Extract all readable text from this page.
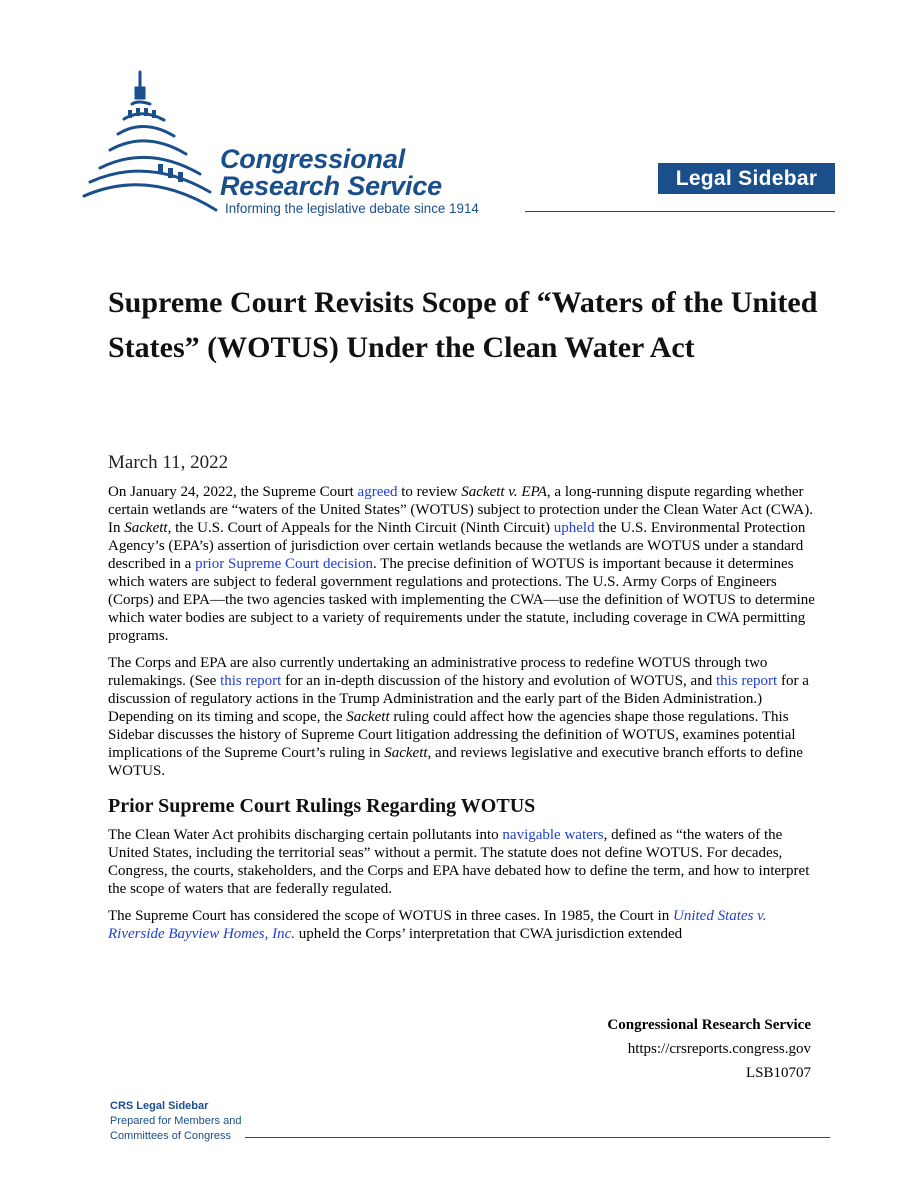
Congressional
Research Service
Informing the legislative debate since 1914
Legal Sidebar
Supreme Court Revisits Scope of “Waters of the United States” (WOTUS) Under the Clean Water Act

March 11, 2022

On January 24, 2022, the Supreme Court agreed to review Sackett v. EPA, a long-running dispute regarding whether certain wetlands are “waters of the United States” (WOTUS) subject to protection under the Clean Water Act (CWA). In Sackett, the U.S. Court of Appeals for the Ninth Circuit (Ninth Circuit) upheld the U.S. Environmental Protection Agency’s (EPA’s) assertion of jurisdiction over certain wetlands because the wetlands are WOTUS under a standard described in a prior Supreme Court decision. The precise definition of WOTUS is important because it determines which waters are subject to federal government regulations and protections. The U.S. Army Corps of Engineers (Corps) and EPA—the two agencies tasked with implementing the CWA—use the definition of WOTUS to determine which water bodies are subject to a variety of requirements under the statute, including coverage in CWA permitting programs.

The Corps and EPA are also currently undertaking an administrative process to redefine WOTUS through two rulemakings. (See this report for an in-depth discussion of the history and evolution of WOTUS, and this report for a discussion of regulatory actions in the Trump Administration and the early part of the Biden Administration.) Depending on its timing and scope, the Sackett ruling could affect how the agencies shape those regulations. This Sidebar discusses the history of Supreme Court litigation addressing the definition of WOTUS, examines potential implications of the Supreme Court’s ruling in Sackett, and reviews legislative and executive branch efforts to define WOTUS.

Prior Supreme Court Rulings Regarding WOTUS

The Clean Water Act prohibits discharging certain pollutants into navigable waters, defined as “the waters of the United States, including the territorial seas” without a permit. The statute does not define WOTUS. For decades, Congress, the courts, stakeholders, and the Corps and EPA have debated how to define the term, and how to interpret the scope of waters that are federally regulated.

The Supreme Court has considered the scope of WOTUS in three cases. In 1985, the Court in United States v. Riverside Bayview Homes, Inc. upheld the Corps’ interpretation that CWA jurisdiction extended

Congressional Research Service
https://crsreports.congress.gov
LSB10707
CRS Legal Sidebar
Prepared for Members and
Committees of Congress
